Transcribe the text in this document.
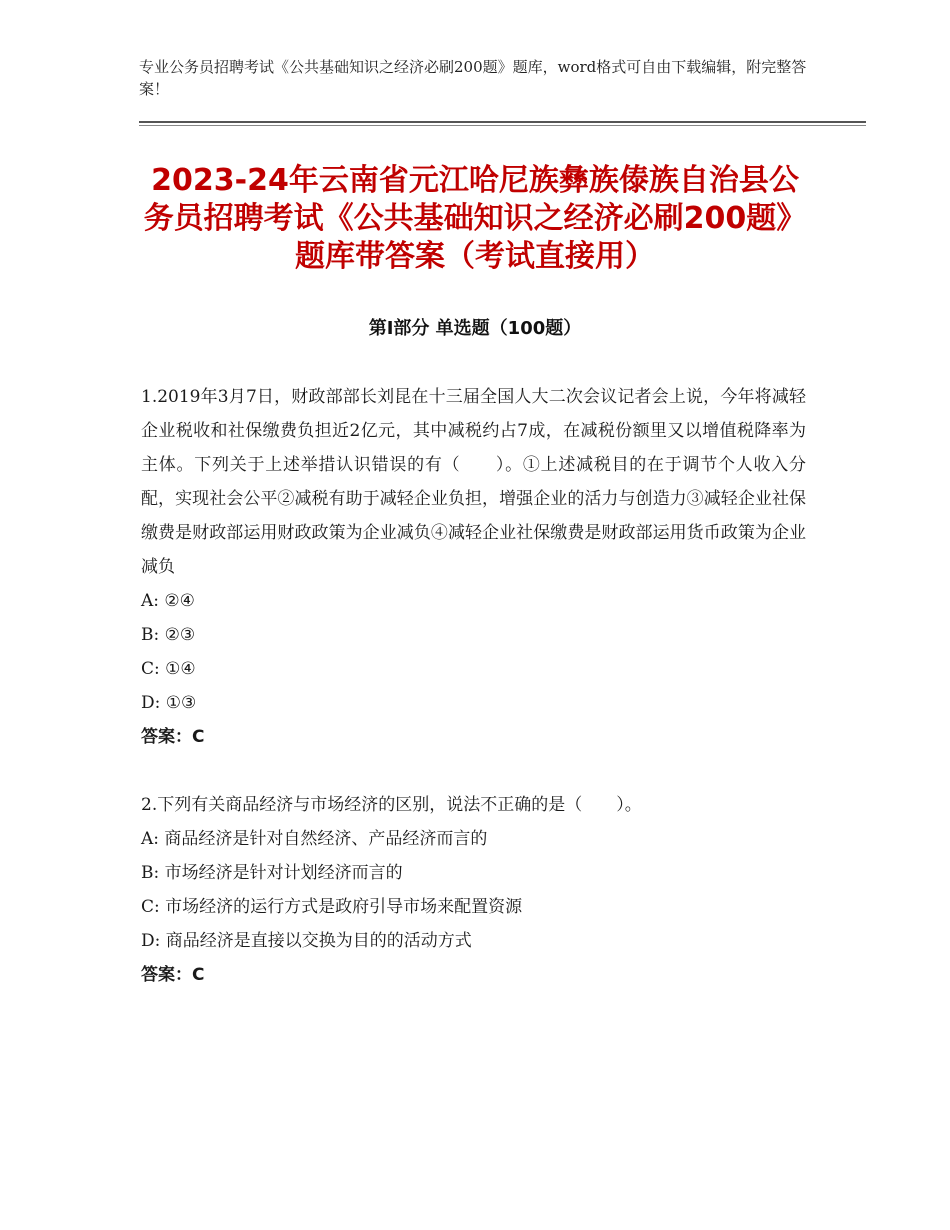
专业公务员招聘考试《公共基础知识之经济必刷200题》题库，word格式可自由下载编辑，附完整答案！
2023-24年云南省元江哈尼族彝族傣族自治县公务员招聘考试《公共基础知识之经济必刷200题》题库带答案（考试直接用）
第Ⅰ部分 单选题（100题）

1.2019年3月7日，财政部部长刘昆在十三届全国人大二次会议记者会上说，今年将减轻企业税收和社保缴费负担近2亿元，其中减税约占7成，在减税份额里又以增值税降率为主体。下列关于上述举措认识错误的有（　　）。①上述减税目的在于调节个人收入分配，实现社会公平②减税有助于减轻企业负担，增强企业的活力与创造力③减轻企业社保缴费是财政部运用财政政策为企业减负④减轻企业社保缴费是财政部运用货币政策为企业减负

A: ②④

B: ②③

C: ①④

D: ①③

答案：C

2.下列有关商品经济与市场经济的区别，说法不正确的是（　　）。

A: 商品经济是针对自然经济、产品经济而言的

B: 市场经济是针对计划经济而言的

C: 市场经济的运行方式是政府引导市场来配置资源

D: 商品经济是直接以交换为目的的活动方式

答案：C
